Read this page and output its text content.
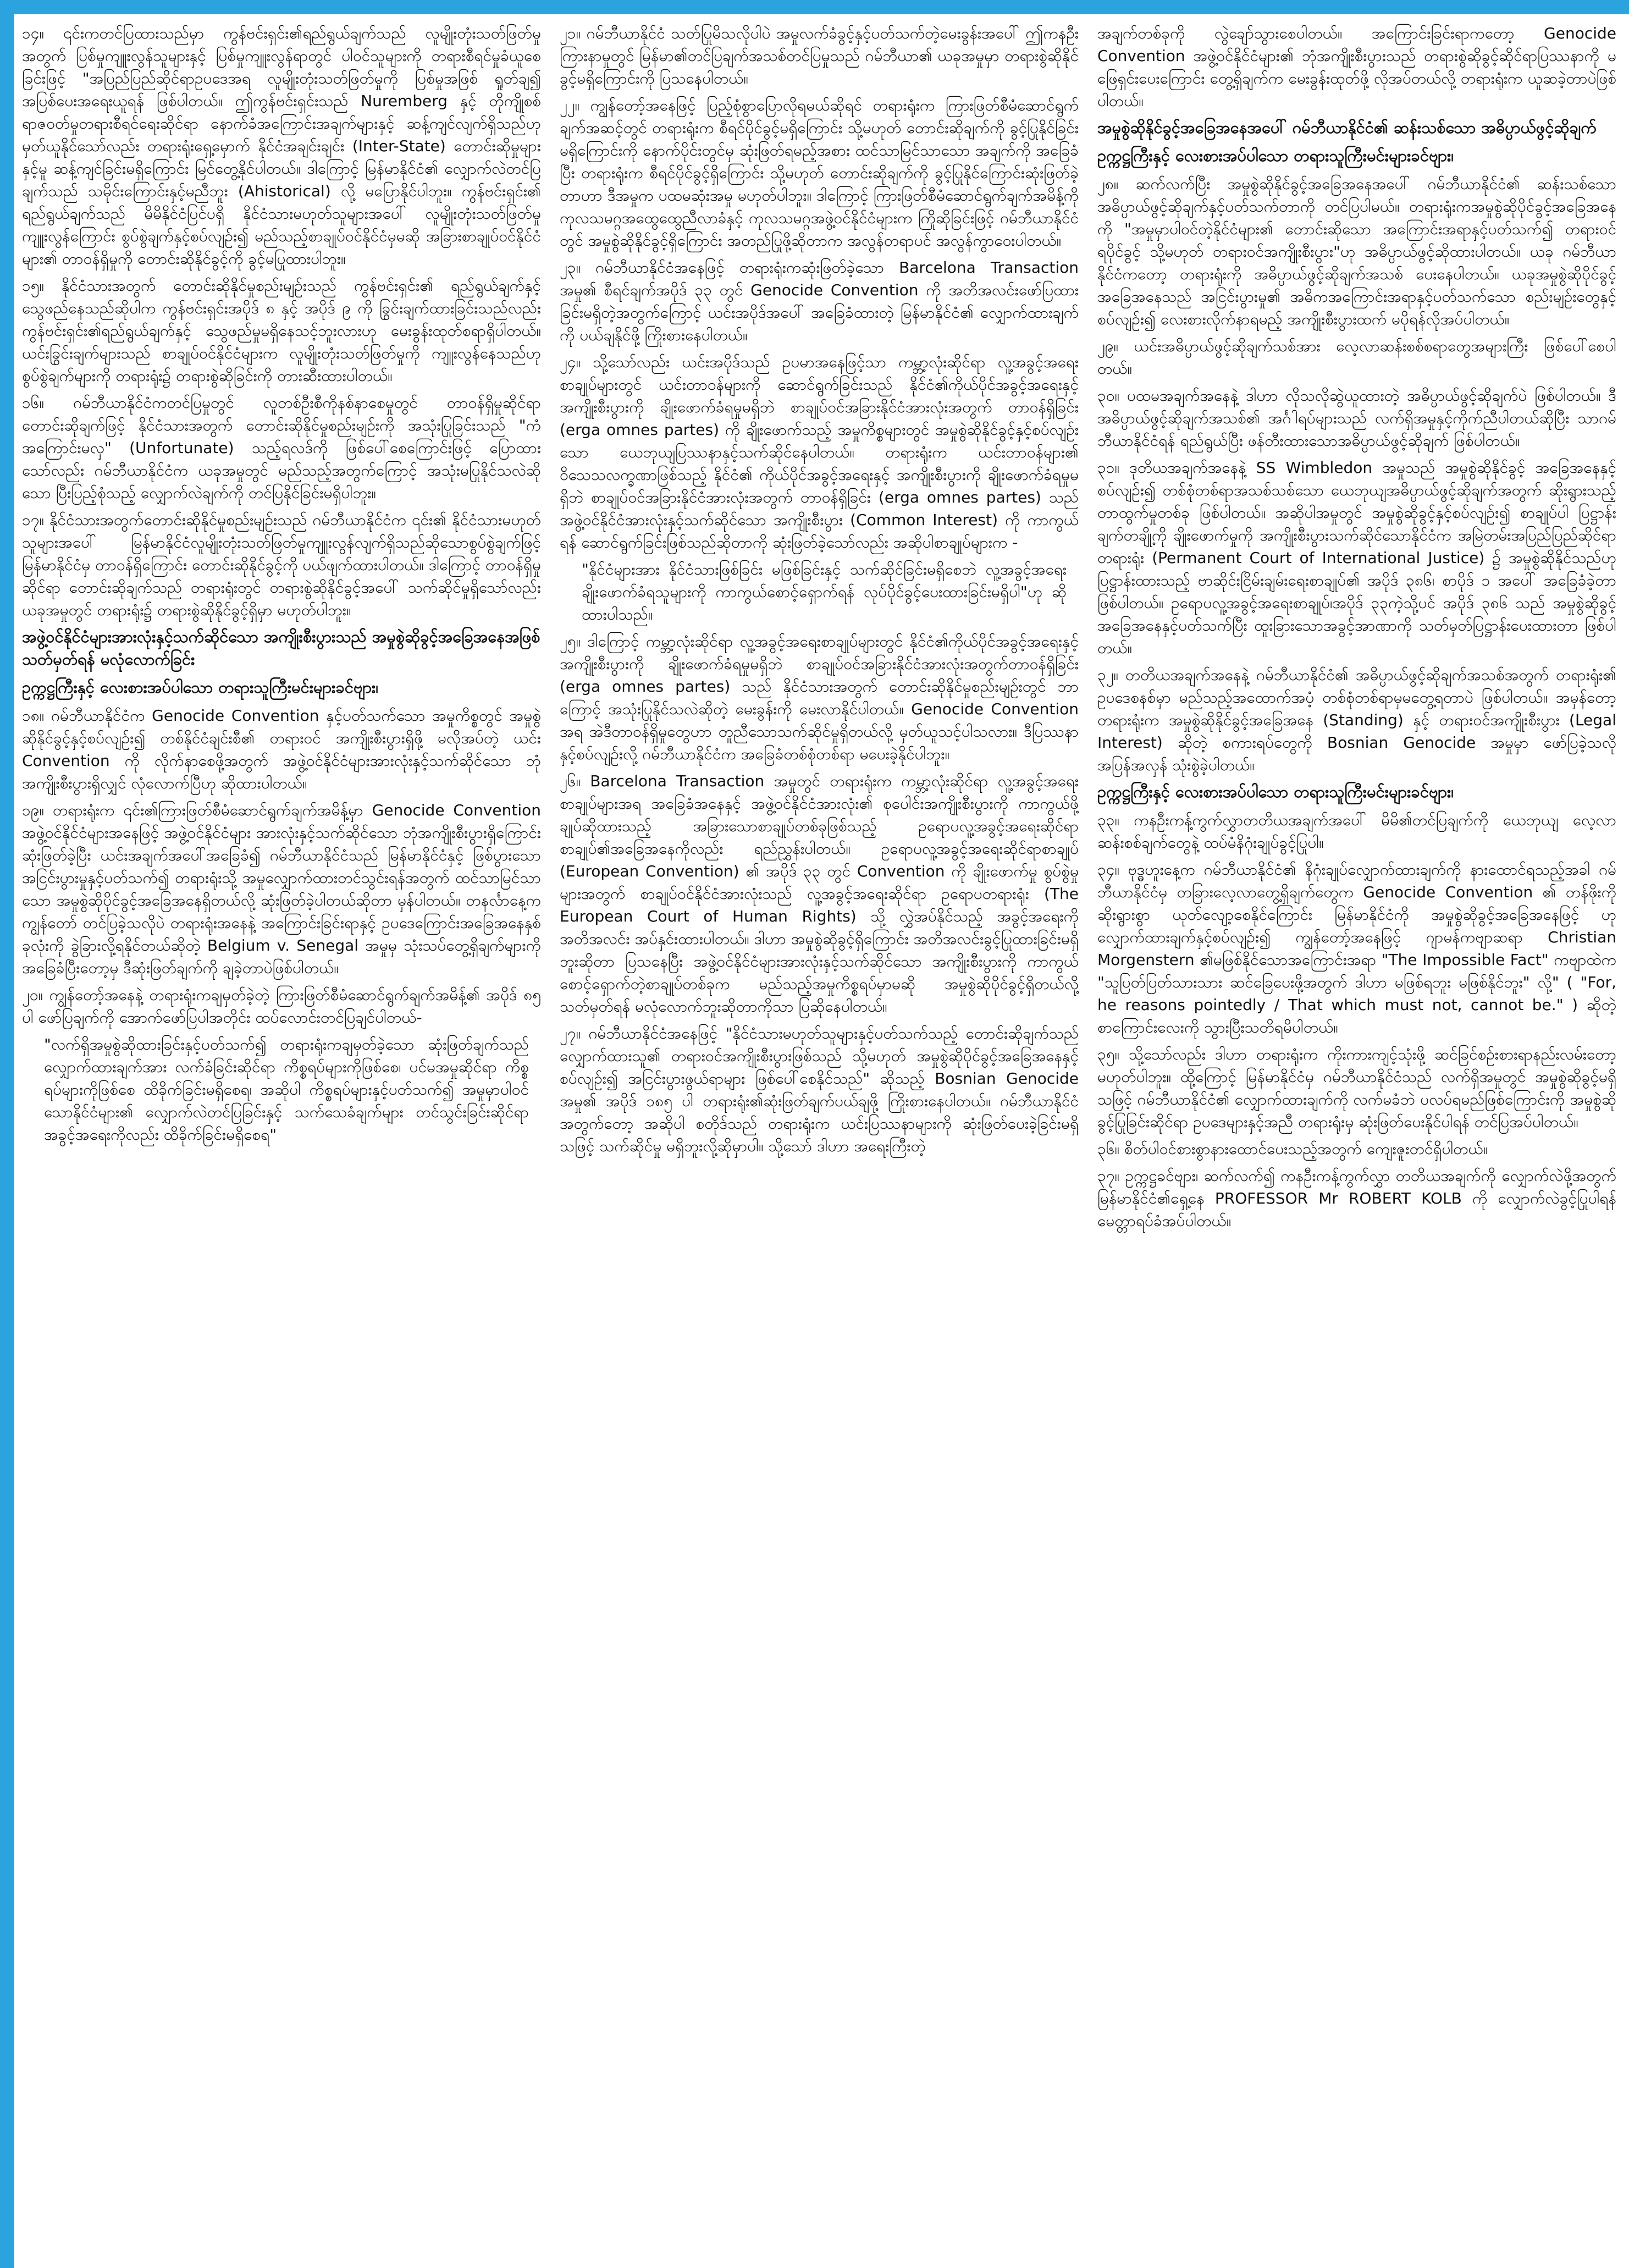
၁၄။ ၎င်းကတင်ပြထားသည်မှာ ကွန်ဗင်းရှင်း၏ရည်ရွယ်ချက်သည် လူမျိုးတုံးသတ်ဖြတ်မှုအတွက် ပြစ်မှုကျူးလွန်သူများနှင့် ပြစ်မှုကျူးလွန်ရာတွင် ပါဝင်သူများကို တရားစီရင်မှုခံယူစေခြင်းဖြင့် "အပြည်ပြည်ဆိုင်ရာဥပဒေအရ လူမျိုးတုံးသတ်ဖြတ်မှုကို ပြစ်မှုအဖြစ် ရှုတ်ချ၍ အပြစ်ပေးအရေးယူရန် ဖြစ်ပါတယ်။ ဤကွန်ဗင်းရှင်းသည် Nuremberg နှင့် တိုကျိုစစ်ရာဇဝတ်မှုတရားစီရင်ရေးဆိုင်ရာ နောက်ခံအကြောင်းအချက်များနှင့် ဆန့်ကျင်လျက်ရှိသည်ဟု မှတ်ယူနိုင်သော်လည်း တရားရုံးရှေ့မှောက် နိုင်ငံအချင်းချင်း (Inter-State) တောင်းဆိုမှုများနှင့်မူ ဆန့်ကျင်ခြင်းမရှိကြောင်း မြင်တွေ့နိုင်ပါတယ်။ ဒါကြောင့် မြန်မာနိုင်ငံ၏ လျှောက်လဲတင်ပြချက်သည် သမိုင်းကြောင်းနှင့်မညီဘူး (Ahistorical) လို့ မပြောနိုင်ပါဘူး။ ကွန်ဗင်းရှင်း၏ ရည်ရွယ်ချက်သည် မိမိနိုင်ငံပြင်ပရှိ နိုင်ငံသားမဟုတ်သူများအပေါ် လူမျိုးတုံးသတ်ဖြတ်မှုကျူးလွန်ကြောင်း စွပ်စွဲချက်နှင့်စပ်လျဉ်း၍ မည်သည့်စာချုပ်ဝင်နိုင်ငံမှမဆို အခြားစာချုပ်ဝင်နိုင်ငံများ၏ တာဝန်ရှိမှုကို တောင်းဆိုနိုင်ခွင့်ကို ခွင့်မပြုထားပါဘူး။

၁၅။ နိုင်ငံသားအတွက် တောင်းဆိုနိုင်မှုစည်းမျဉ်းသည် ကွန်ဗင်းရှင်း၏ ရည်ရွယ်ချက်နှင့် သွေဖည်နေသည်ဆိုပါက ကွန်ဗင်းရှင်းအပိုဒ် ၈ နှင့် အပိုဒ် ၉ ကို ခြွင်းချက်ထားခြင်းသည်လည်း ကွန်ဗင်းရှင်း၏ရည်ရွယ်ချက်နှင့် သွေဖည်မှုမရှိနေသင့်ဘူးလားဟု မေးခွန်းထုတ်စရာရှိပါတယ်။ ယင်းခြွင်းချက်များသည် စာချုပ်ဝင်နိုင်ငံများက လူမျိုးတုံးသတ်ဖြတ်မှုကို ကျူးလွန်နေသည်ဟု စွပ်စွဲချက်များကို တရားရုံး၌ တရားစွဲဆိုခြင်းကို တားဆီးထားပါတယ်။

၁၆။ ဂမ်ဘီယာနိုင်ငံကတင်ပြမှုတွင် လူတစ်ဦးစီကိုနစ်နာစေမှုတွင် တာဝန်ရှိမှုဆိုင်ရာ တောင်းဆိုချက်ဖြင့် နိုင်ငံသားအတွက် တောင်းဆိုနိုင်မှုစည်းမျဉ်းကို အသုံးပြုခြင်းသည် "ကံအကြောင်းမလှ" (Unfortunate) သည့်ရလဒ်ကို ဖြစ်ပေါ်စေကြောင်းဖြင့် ပြောထားသော်လည်း ဂမ်ဘီယာနိုင်ငံက ယခုအမှုတွင် မည်သည့်အတွက်ကြောင့် အသုံးမပြုနိုင်သလဲဆိုသော ပြီးပြည့်စုံသည့် လျှောက်လဲချက်ကို တင်ပြနိုင်ခြင်းမရှိပါဘူး။

၁၇။ နိုင်ငံသားအတွက်တောင်းဆိုနိုင်မှုစည်းမျဉ်းသည် ဂမ်ဘီယာနိုင်ငံက ၎င်း၏ နိုင်ငံသားမဟုတ်သူများအပေါ် မြန်မာနိုင်ငံလူမျိုးတုံးသတ်ဖြတ်မှုကျူးလွန်လျက်ရှိသည်ဆိုသောစွပ်စွဲချက်ဖြင့် မြန်မာနိုင်ငံမှ တာဝန်ရှိကြောင်း တောင်းဆိုနိုင်ခွင့်ကို ပယ်ဖျက်ထားပါတယ်။ ဒါကြောင့် တာဝန်ရှိမှုဆိုင်ရာ တောင်းဆိုချက်သည် တရားရုံးတွင် တရားစွဲဆိုနိုင်ခွင့်အပေါ် သက်ဆိုင်မှုရှိသော်လည်း ယခုအမှုတွင် တရားရုံး၌ တရားစွဲဆိုနိုင်ခွင့်ရှိမှာ မဟုတ်ပါဘူး။

အဖွဲ့ဝင်နိုင်ငံများအားလုံးနှင့်သက်ဆိုင်သော အကျိုးစီးပွားသည် အမှုစွဲဆိုခွင့်အခြေအနေအဖြစ် သတ်မှတ်ရန် မလုံလောက်ခြင်း
ဥက္ကဋ္ဌကြီးနှင့် လေးစားအပ်ပါသော တရားသူကြီးမင်းများခင်ဗျား၊

၁၈။ ဂမ်ဘီယာနိုင်ငံက Genocide Convention နှင့်ပတ်သက်သော အမှုကိစ္စတွင် အမှုစွဲဆိုနိုင်ခွင့်နှင့်စပ်လျဉ်း၍ တစ်နိုင်ငံချင်းစီ၏ တရားဝင် အကျိုးစီးပွားရှိဖို့ မလိုအပ်တဲ့ ယင်း Convention ကို လိုက်နာစေဖို့အတွက် အဖွဲ့ဝင်နိုင်ငံများအားလုံးနှင့်သက်ဆိုင်သော ဘုံအကျိုးစီးပွားရှိလျှင် လုံလောက်ပြီဟု ဆိုထားပါတယ်။

၁၉။ တရားရုံးက ၎င်း၏ကြားဖြတ်စီမံဆောင်ရွက်ချက်အမိန့်မှာ Genocide Convention အဖွဲ့ဝင်နိုင်ငံများအနေဖြင့် အဖွဲ့ဝင်နိုင်ငံများ အားလုံးနှင့်သက်ဆိုင်သော ဘုံအကျိုးစီးပွားရှိကြောင်း ဆုံးဖြတ်ခဲ့ပြီး ယင်းအချက်အပေါ်အခြေခံ၍ ဂမ်ဘီယာနိုင်ငံသည် မြန်မာနိုင်ငံနှင့် ဖြစ်ပွားသော အငြင်းပွားမှုနှင့်ပတ်သက်၍ တရားရုံးသို့ အမှုလျှောက်ထားတင်သွင်းရန်အတွက် ထင်သာမြင်သာသော အမှုစွဲဆိုပိုင်ခွင့်အခြေအနေရှိတယ်လို့ ဆုံးဖြတ်ခဲ့ပါတယ်ဆိုတာ မှန်ပါတယ်။ တနင်္လာနေ့က ကျွန်တော် တင်ပြခဲ့သလိုပဲ တရားရုံးအနေနဲ့ အကြောင်းခြင်းရာနှင့် ဥပဒေကြောင်းအခြေအနေနှစ်ခုလုံးကို ခွဲခြားလို့ရနိုင်တယ်ဆိုတဲ့ Belgium v. Senegal အမှုမှ သုံးသပ်တွေ့ရှိချက်များကို အခြေခံပြီးတော့မှ ဒီဆုံးဖြတ်ချက်ကို ချခဲ့တာပဲဖြစ်ပါတယ်။

၂၀။ ကျွန်တော့်အနေနဲ့ တရားရုံးကချမှတ်ခဲ့တဲ့ ကြားဖြတ်စီမံဆောင်ရွက်ချက်အမိန့်၏ အပိုဒ် ၈၅ ပါ ဖော်ပြချက်ကို အောက်ဖော်ပြပါအတိုင်း ထပ်လောင်းတင်ပြချင်ပါတယ်-

"လက်ရှိအမှုစွဲဆိုထားခြင်းနှင့်ပတ်သက်၍ တရားရုံးကချမှတ်ခဲ့သော ဆုံးဖြတ်ချက်သည် လျှောက်ထားချက်အား လက်ခံခြင်းဆိုင်ရာ ကိစ္စရပ်များကိုဖြစ်စေ၊ ပင်မအမှုဆိုင်ရာ ကိစ္စရပ်များကိုဖြစ်စေ ထိခိုက်ခြင်းမရှိစေရ၊ အဆိုပါ ကိစ္စရပ်များနှင့်ပတ်သက်၍ အမှုမှာပါဝင်သောနိုင်ငံများ၏ လျှောက်လဲတင်ပြခြင်းနှင့် သက်သေခံချက်များ တင်သွင်းခြင်းဆိုင်ရာ အခွင့်အရေးကိုလည်း ထိခိုက်ခြင်းမရှိစေရ"

၂၁။ ဂမ်ဘီယာနိုင်ငံ သတ်ပြုမိသလိုပါပဲ အမှုလက်ခံခွင့်နှင့်ပတ်သက်တဲ့မေးခွန်းအပေါ် ဤကနဦးကြားနာမှုတွင် မြန်မာ၏တင်ပြချက်အသစ်တင်ပြမှုသည် ဂမ်ဘီယာ၏ ယခုအမှုမှာ တရားစွဲဆိုနိုင်ခွင့်မရှိကြောင်းကို ပြသနေပါတယ်။

၂၂။ ကျွန်တော့်အနေဖြင့် ပြည့်စုံစွာပြောလိုရမယ်ဆိုရင် တရားရုံးက ကြားဖြတ်စီမံဆောင်ရွက်ချက်အဆင့်တွင် တရားရုံးက စီရင်ပိုင်ခွင့်မရှိကြောင်း သို့မဟုတ် တောင်းဆိုချက်ကို ခွင့်ပြုနိုင်ခြင်း မရှိကြောင်းကို နောက်ပိုင်းတွင်မှ ဆုံးဖြတ်ရမည့်အစား ထင်သာမြင်သာသော အချက်ကို အခြေခံပြီး တရားရုံးက စီရင်ပိုင်ခွင့်ရှိကြောင်း သို့မဟုတ် တောင်းဆိုချက်ကို ခွင့်ပြုနိုင်ကြောင်းဆုံးဖြတ်ခဲ့တာဟာ ဒီအမှုက ပထမဆုံးအမှု မဟုတ်ပါဘူး။ ဒါကြောင့် ကြားဖြတ်စီမံဆောင်ရွက်ချက်အမိန့်ကို ကုလသမဂ္ဂအထွေထွေညီလာခံနှင့် ကုလသမဂ္ဂအဖွဲ့ဝင်နိုင်ငံများက ကြိုဆိုခြင်းဖြင့် ဂမ်ဘီယာနိုင်ငံတွင် အမှုစွဲဆိုနိုင်ခွင့်ရှိကြောင်း အတည်ပြုဖို့ဆိုတာက အလွန်တရာပင် အလွန်ကွာဝေးပါတယ်။

၂၃။ ဂမ်ဘီယာနိုင်ငံအနေဖြင့် တရားရုံးကဆုံးဖြတ်ခဲ့သော Barcelona Transaction အမှု၏ စီရင်ချက်အပိုဒ် ၃၃ တွင် Genocide Convention ကို အတိအလင်းဖော်ပြထားခြင်းမရှိတဲ့အတွက်ကြောင့် ယင်းအပိုဒ်အပေါ် အခြေခံထားတဲ့ မြန်မာနိုင်ငံ၏ လျှောက်ထားချက်ကို ပယ်ချနိုင်ဖို့ ကြိုးစားနေပါတယ်။

၂၄။ သို့သော်လည်း ယင်းအပိုဒ်သည် ဥပမာအနေဖြင့်သာ ကမ္ဘာ့လုံးဆိုင်ရာ လူ့အခွင့်အရေးစာချုပ်များတွင် ယင်းတာဝန်များကို ဆောင်ရွက်ခြင်းသည် နိုင်ငံ၏ကိုယ်ပိုင်အခွင့်အရေးနှင့် အကျိုးစီးပွားကို ချိုးဖောက်ခံရမှုမရှိဘဲ စာချုပ်ဝင်အခြားနိုင်ငံအားလုံးအတွက် တာဝန်ရှိခြင်း (erga omnes partes) ကို ချိုးဖောက်သည့် အမှုကိစ္စများတွင် အမှုစွဲဆိုနိုင်ခွင့်နှင့်စပ်လျဉ်းသော ယေဘုယျပြဿနာနှင့်သက်ဆိုင်နေပါတယ်။ တရားရုံးက ယင်းတာဝန်များ၏ ဝိသေသလက္ခဏာဖြစ်သည့် နိုင်ငံ၏ ကိုယ်ပိုင်အခွင့်အရေးနှင့် အကျိုးစီးပွားကို ချိုးဖောက်ခံရမှုမရှိဘဲ စာချုပ်ဝင်အခြားနိုင်ငံအားလုံးအတွက် တာဝန်ရှိခြင်း (erga omnes partes) သည် အဖွဲ့ဝင်နိုင်ငံအားလုံးနှင့်သက်ဆိုင်သော အကျိုးစီးပွား (Common Interest) ကို ကာကွယ်ရန် ဆောင်ရွက်ခြင်းဖြစ်သည်ဆိုတာကို ဆုံးဖြတ်ခဲ့သော်လည်း အဆိုပါစာချုပ်များက -

"နိုင်ငံများအား နိုင်ငံသားဖြစ်ခြင်း မဖြစ်ခြင်းနှင့် သက်ဆိုင်ခြင်းမရှိစေဘဲ လူ့အခွင့်အရေးချိုးဖောက်ခံရသူများကို ကာကွယ်စောင့်ရှောက်ရန် လုပ်ပိုင်ခွင့်ပေးထားခြင်းမရှိပါ"ဟု ဆိုထားပါသည်။

၂၅။ ဒါကြောင့် ကမ္ဘာ့လုံးဆိုင်ရာ လူ့အခွင့်အရေးစာချုပ်များတွင် နိုင်ငံ၏ကိုယ်ပိုင်အခွင့်အရေးနှင့် အကျိုးစီးပွားကို ချိုးဖောက်ခံရမှုမရှိဘဲ စာချုပ်ဝင်အခြားနိုင်ငံအားလုံးအတွက်တာဝန်ရှိခြင်း (erga omnes partes) သည် နိုင်ငံသားအတွက် တောင်းဆိုနိုင်မှုစည်းမျဉ်းတွင် ဘာကြောင့် အသုံးပြုနိုင်သလဲဆိုတဲ့ မေးခွန်းကို မေးလာနိုင်ပါတယ်။ Genocide Convention အရ အဲဒီတာဝန်ရှိမှုတွေဟာ တူညီသောသက်ဆိုင်မှုရှိတယ်လို့ မှတ်ယူသင့်ပါသလား။ ဒီပြဿနာနှင့်စပ်လျဉ်းလို့ ဂမ်ဘီယာနိုင်ငံက အခြေခံတစ်စုံတစ်ရာ မပေးခဲ့နိုင်ပါဘူး။

၂၆။ Barcelona Transaction အမှုတွင် တရားရုံးက ကမ္ဘာ့လုံးဆိုင်ရာ လူ့အခွင့်အရေးစာချုပ်များအရ အခြေခံအနေနှင့် အဖွဲ့ဝင်နိုင်ငံအားလုံး၏ စုပေါင်းအကျိုးစီးပွားကို ကာကွယ်ဖို့ ချုပ်ဆိုထားသည့် အခြားသောစာချုပ်တစ်ခုဖြစ်သည့် ဥရောပလူ့အခွင့်အရေးဆိုင်ရာ စာချုပ်၏အခြေအနေကိုလည်း ရည်ညွှန်းပါတယ်။ ဥရောပလူ့အခွင့်အရေးဆိုင်ရာစာချုပ် (European Convention) ၏ အပိုဒ် ၃၃ တွင် Convention ကို ချိုးဖောက်မှု စွပ်စွဲမှုများအတွက် စာချုပ်ဝင်နိုင်ငံအားလုံးသည် လူ့အခွင့်အရေးဆိုင်ရာ ဥရောပတရားရုံး (The European Court of Human Rights) သို့ လွှဲအပ်နိုင်သည့် အခွင့်အရေးကို အတိအလင်း အပ်နှင်းထားပါတယ်။ ဒါဟာ အမှုစွဲဆိုခွင့်ရှိကြောင်း အတိအလင်းခွင့်ပြုထားခြင်းမရှိဘူးဆိုတာ ပြသနေပြီး အဖွဲ့ဝင်နိုင်ငံများအားလုံးနှင့်သက်ဆိုင်သော အကျိုးစီးပွားကို ကာကွယ်စောင့်ရှောက်တဲ့စာချုပ်တစ်ခုက မည်သည့်အမှုကိစ္စရပ်မှာမဆို အမှုစွဲဆိုပိုင်ခွင့်ရှိတယ်လို့ သတ်မှတ်ရန် မလုံလောက်ဘူးဆိုတာကိုသာ ပြဆိုနေပါတယ်။

၂၇။ ဂမ်ဘီယာနိုင်ငံအနေဖြင့် "နိုင်ငံသားမဟုတ်သူများနှင့်ပတ်သက်သည့် တောင်းဆိုချက်သည် လျှောက်ထားသူ၏ တရားဝင်အကျိုးစီးပွားဖြစ်သည် သို့မဟုတ် အမှုစွဲဆိုပိုင်ခွင့်အခြေအနေနှင့်စပ်လျဉ်း၍ အငြင်းပွားဖွယ်ရာများ ဖြစ်ပေါ်စေနိုင်သည်" ဆိုသည့် Bosnian Genocide အမှု၏ အပိုဒ် ၁၈၅ ပါ တရားရုံး၏ဆုံးဖြတ်ချက်ပယ်ချဖို့ ကြိုးစားနေပါတယ်။ ဂမ်ဘီယာနိုင်ငံအတွက်တော့ အဆိုပါ စတိုဒ်သည် တရားရုံးက ယင်းပြဿနာများကို ဆုံးဖြတ်ပေးခဲ့ခြင်းမရှိသဖြင့် သက်ဆိုင်မှု မရှိဘူးလို့ဆိုမှာပါ။ သို့သော် ဒါဟာ အရေးကြီးတဲ့

အချက်တစ်ခုကို လွဲချော်သွားစေပါတယ်။ အကြောင်းခြင်းရာကတော့ Genocide Convention အဖွဲ့ဝင်နိုင်ငံများ၏ ဘုံအကျိုးစီးပွားသည် တရားစွဲဆိုခွင့်ဆိုင်ရာပြဿနာကို မဖြေရှင်းပေးကြောင်း တွေ့ရှိချက်က မေးခွန်းထုတ်ဖို့ လိုအပ်တယ်လို့ တရားရုံးက ယူဆခဲ့တာပဲဖြစ်ပါတယ်။

အမှုစွဲဆိုနိုင်ခွင့်အခြေအနေအပေါ် ဂမ်ဘီယာနိုင်ငံ၏ ဆန်းသစ်သော အဓိပ္ပာယ်ဖွင့်ဆိုချက်
ဥက္ကဋ္ဌကြီးနှင့် လေးစားအပ်ပါသော တရားသူကြီးမင်းများခင်ဗျား၊

၂၈။ ဆက်လက်ပြီး အမှုစွဲဆိုနိုင်ခွင့်အခြေအနေအပေါ် ဂမ်ဘီယာနိုင်ငံ၏ ဆန်းသစ်သော အဓိပ္ပာယ်ဖွင့်ဆိုချက်နှင့်ပတ်သက်တာကို တင်ပြပါမယ်။ တရားရုံးကအမှုစွဲဆိုပိုင်ခွင့်အခြေအနေကို "အမှုမှာပါဝင်တဲ့နိုင်ငံများ၏ တောင်းဆိုသော အကြောင်းအရာနှင့်ပတ်သက်၍ တရားဝင်ရပိုင်ခွင့် သို့မဟုတ် တရားဝင်အကျိုးစီးပွား"ဟု အဓိပ္ပာယ်ဖွင့်ဆိုထားပါတယ်။ ယခု ဂမ်ဘီယာနိုင်ငံကတော့ တရားရုံးကို အဓိပ္ပာယ်ဖွင့်ဆိုချက်အသစ် ပေးနေပါတယ်။ ယခုအမှုစွဲဆိုပိုင်ခွင့်အခြေအနေသည် အငြင်းပွားမှု၏ အဓိကအကြောင်းအရာနှင့်ပတ်သက်သော စည်းမျဉ်းတွေနှင့်စပ်လျဉ်း၍ လေးစားလိုက်နာရမည့် အကျိုးစီးပွားထက် မပိုရန်လိုအပ်ပါတယ်။

၂၉။ ယင်းအဓိပ္ပာယ်ဖွင့်ဆိုချက်သစ်အား လေ့လာဆန်းစစ်စရာတွေအများကြီး ဖြစ်ပေါ်စေပါတယ်။

၃၀။ ပထမအချက်အနေနဲ့ ဒါဟာ လိုသလိုဆွဲယူထားတဲ့ အဓိပ္ပာယ်ဖွင့်ဆိုချက်ပဲ ဖြစ်ပါတယ်။ ဒီအဓိပ္ပာယ်ဖွင့်ဆိုချက်အသစ်၏ အင်္ဂါရပ်များသည် လက်ရှိအမှုနှင့်ကိုက်ညီပါတယ်ဆိုပြီး သာဂမ်ဘီယာနိုင်ငံရန် ရည်ရွယ်ပြီး ဖန်တီးထားသောအဓိပ္ပာယ်ဖွင့်ဆိုချက် ဖြစ်ပါတယ်။

၃၁။ ဒုတိယအချက်အနေနဲ့ SS Wimbledon အမှုသည် အမှုစွဲဆိုနိုင်ခွင့် အခြေအနေနှင့်စပ်လျဉ်း၍ တစ်စုံတစ်ရာအသစ်သစ်သော ယေဘုယျအဓိပ္ပာယ်ဖွင့်ဆိုချက်အတွက် ဆိုးရွားသည့် တာထွက်မှုတစ်ခု ဖြစ်ပါတယ်။ အဆိုပါအမှုတွင် အမှုစွဲဆိုခွင့်နှင့်စပ်လျဉ်း၍ စာချုပ်ပါ ပြဋ္ဌာန်းချက်တချို့ကို ချိုးဖောက်မှုကို အကျိုးစီးပွားသက်ဆိုင်သောနိုင်ငံက အမြဲတမ်းအပြည်ပြည်ဆိုင်ရာတရားရုံး (Permanent Court of International Justice) ၌ အမှုစွဲဆိုနိုင်သည်ဟု ပြဋ္ဌာန်းထားသည့် ဗာဆိုင်းငြိမ်းချမ်းရေးစာချုပ်၏ အပိုဒ် ၃၈၆၊ စာပိုဒ် ၁ အပေါ် အခြေခံခဲ့တာ ဖြစ်ပါတယ်။ ဥရောပလူ့အခွင့်အရေးစာချုပ်၊အပိုဒ် ၃၃ကဲ့သို့ပင် အပိုဒ် ၃၈၆ သည် အမှုစွဲဆိုခွင့်အခြေအနေနှင့်ပတ်သက်ပြီး ထူးခြားသောအခွင့်အာဏာကို သတ်မှတ်ပြဋ္ဌာန်းပေးထားတာ ဖြစ်ပါတယ်။

၃၂။ တတိယအချက်အနေနဲ့ ဂမ်ဘီယာနိုင်ငံ၏ အဓိပ္ပာယ်ဖွင့်ဆိုချက်အသစ်အတွက် တရားရုံး၏ ဥပဒေစနစ်မှာ မည်သည့်အထောက်အပံ့ တစ်စုံတစ်ရာမှမတွေ့ရတာပဲ ဖြစ်ပါတယ်။ အမှန်တော့ တရားရုံးက အမှုစွဲဆိုနိုင်ခွင့်အခြေအနေ (Standing) နှင့် တရားဝင်အကျိုးစီးပွား (Legal Interest) ဆိုတဲ့ စကားရပ်တွေကို Bosnian Genocide အမှုမှာ ဖော်ပြခဲ့သလို အပြန်အလှန် သုံးစွဲခဲ့ပါတယ်။

ဥက္ကဋ္ဌကြီးနှင့် လေးစားအပ်ပါသော တရားသူကြီးမင်းများခင်ဗျား၊

၃၃။ ကနဦးကန့်ကွက်လွှာတတိယအချက်အပေါ် မိမိ၏တင်ပြချက်ကို ယေဘုယျ လေ့လာဆန်းစစ်ချက်တွေနဲ့ ထပ်မံနိဂုံးချုပ်ခွင့်ပြုပါ။

၃၄။ ဗုဒ္ဓဟူးနေ့က ဂမ်ဘီယာနိုင်ငံ၏ နိဂုံးချုပ်လျှောက်ထားချက်ကို နားထောင်ရသည့်အခါ ဂမ်ဘီယာနိုင်ငံမှ တခြားလေ့လာတွေ့ရှိချက်တွေက Genocide Convention ၏ တန်ဖိုးကို ဆိုးရွားစွာ ယုတ်လျော့စေနိုင်ကြောင်း မြန်မာနိုင်ငံကို အမှုစွဲဆိုခွင့်အခြေအနေဖြင့် ဟု လျှောက်ထားချက်နှင့်စပ်လျဉ်း၍ ကျွန်တော့်အနေဖြင့် ဂျာမန်ကဗျာဆရာ Christian Morgenstern ၏မဖြစ်နိုင်သောအကြောင်းအရာ "The Impossible Fact" ကဗျာထဲက "သူပြတ်ပြတ်သားသား ဆင်ခြေပေးဖို့အတွက် ဒါဟာ မဖြစ်ရဘူး မဖြစ်နိုင်ဘူး" လို့" ( "For, he reasons pointedly / That which must not, cannot be." ) ဆိုတဲ့ စာကြောင်းလေးကို သွားပြီးသတိရမိပါတယ်။

၃၅။ သို့သော်လည်း ဒါဟာ တရားရုံးက ကိုးကားကျင့်သုံးဖို့ ဆင်ခြင်စဉ်းစားရာနည်းလမ်းတော့ မဟုတ်ပါဘူး။ ထို့ကြောင့် မြန်မာနိုင်ငံမှ ဂမ်ဘီယာနိုင်ငံသည် လက်ရှိအမှုတွင် အမှုစွဲဆိုခွင့်မရှိသဖြင့် ဂမ်ဘီယာနိုင်ငံ၏ လျှောက်ထားချက်ကို လက်မခံဘဲ ပလပ်ရမည်ဖြစ်ကြောင်းကို အမှုစွဲဆိုခွင့်ပြုခြင်းဆိုင်ရာ ဥပဒေများနှင့်အညီ တရားရုံးမှ ဆုံးဖြတ်ပေးနိုင်ပါရန် တင်ပြအပ်ပါတယ်။

၃၆။ စိတ်ပါဝင်စားစွာနားထောင်ပေးသည့်အတွက် ကျေးဇူးတင်ရှိပါတယ်။

၃၇။ ဥက္ကဋ္ဌခင်ဗျား၊ ဆက်လက်၍ ကနဦးကန့်ကွက်လွှာ တတိယအချက်ကို လျှောက်လဲဖို့အတွက် မြန်မာနိုင်ငံ၏ရှေ့နေ PROFESSOR Mr ROBERT KOLB ကို လျှောက်လဲခွင့်ပြုပါရန် မေတ္တာရပ်ခံအပ်ပါတယ်။
